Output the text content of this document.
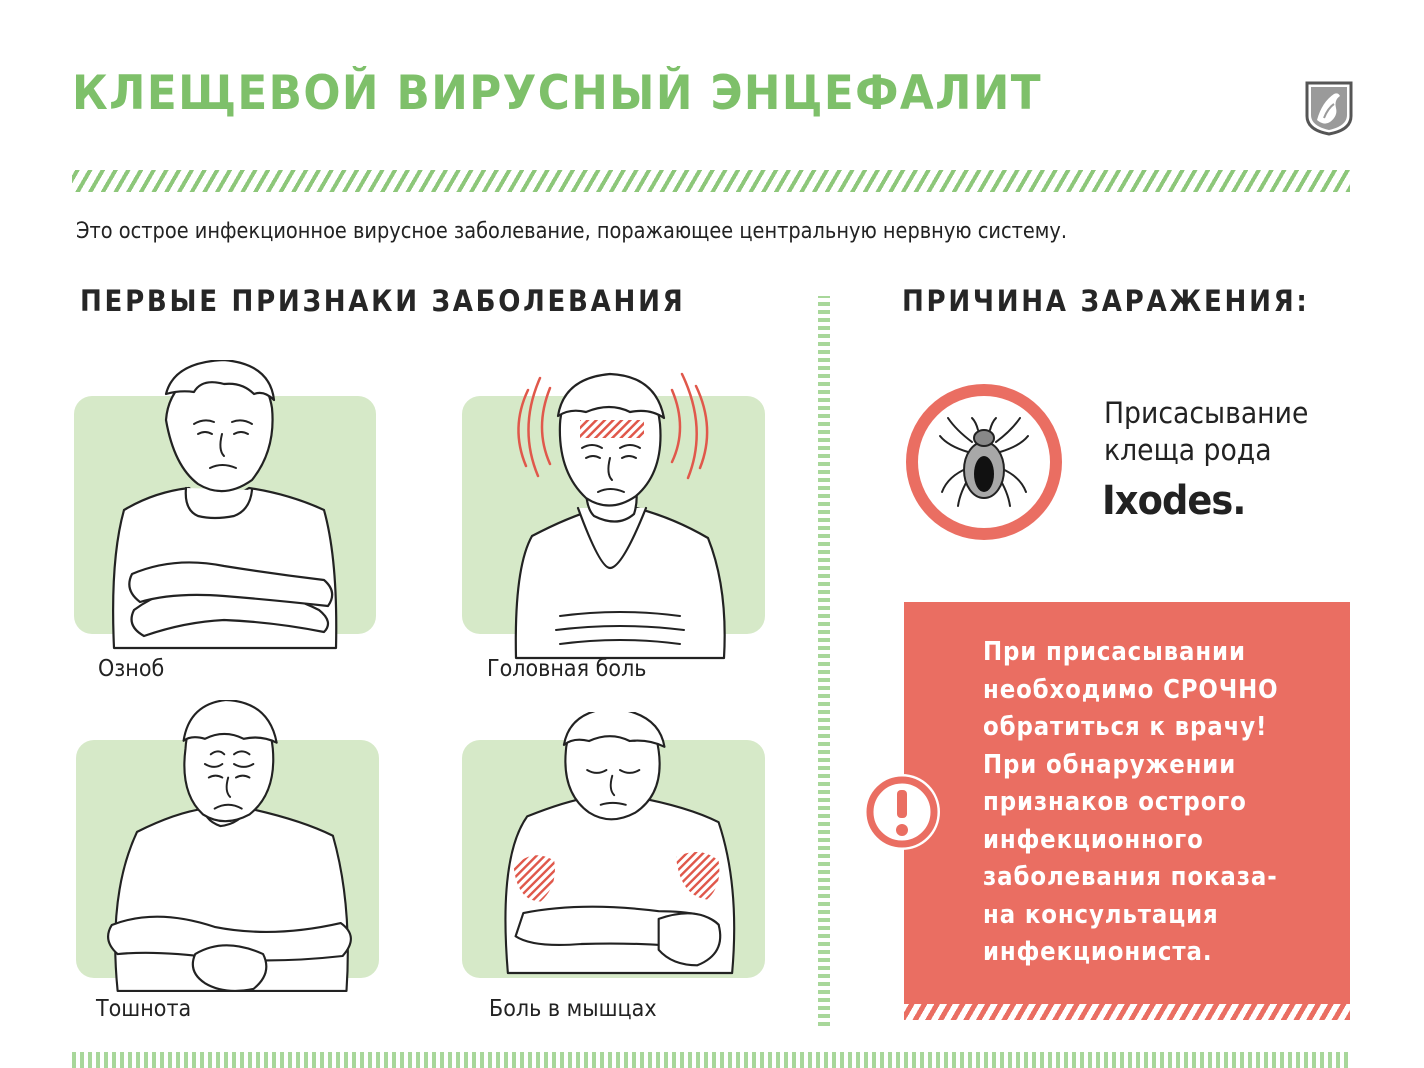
КЛЕЩЕВОЙ ВИРУСНЫЙ ЭНЦЕФАЛИТ

Это острое инфекционное вирусное заболевание, поражающее центральную нервную систему.

ПЕРВЫЕ ПРИЗНАКИ ЗАБОЛЕВАНИЯ	ПРИЧИНА ЗАРАЖЕНИЯ:

Озноб	Головная боль

Тошнота	Боль в мышцах

Присасывание

клеща рода

Ixodes.

При присасывании

необходимо СРОЧНО

обратиться к врачу!

При обнаружении

признаков острого

инфекционного

заболевания показа-

на консультация

инфекциониста.
